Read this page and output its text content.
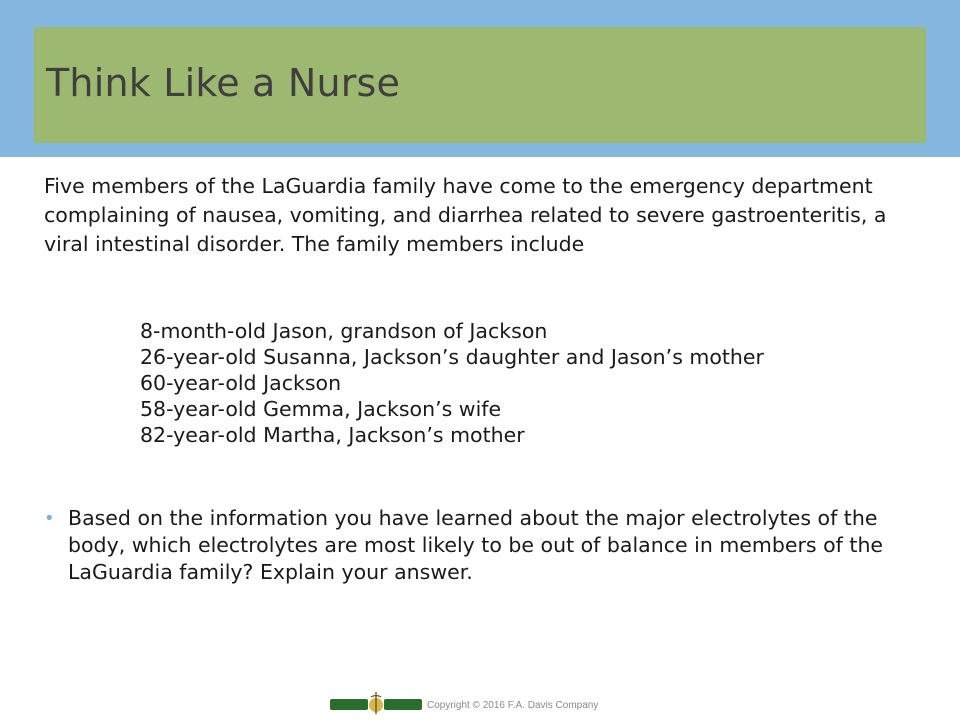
Think Like a Nurse

Five members of the LaGuardia family have come to the emergency department complaining of nausea, vomiting, and diarrhea related to severe gastroenteritis, a viral intestinal disorder. The family members include

8-month-old Jason, grandson of Jackson
26-year-old Susanna, Jackson’s daughter and Jason’s mother
60-year-old Jackson
58-year-old Gemma, Jackson’s wife
82-year-old Martha, Jackson’s mother
• Based on the information you have learned about the major electrolytes of the body, which electrolytes are most likely to be out of balance in members of the LaGuardia family? Explain your answer.
Copyright © 2016 F.A. Davis Company
